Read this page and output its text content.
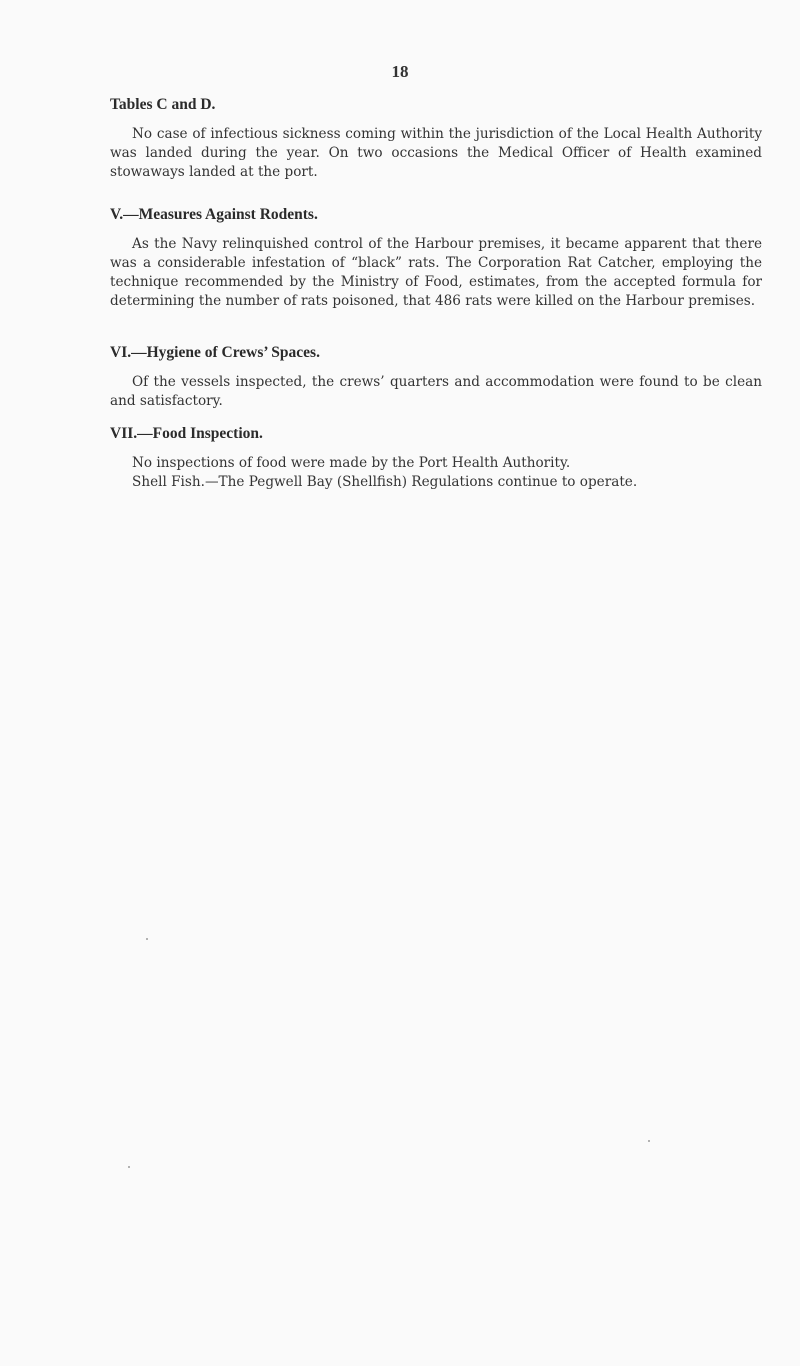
18
Tables C and D.

No case of infectious sickness coming within the jurisdiction of the Local Health Authority was landed during the year. On two occasions the Medical Officer of Health examined stowaways landed at the port.

V.—Measures Against Rodents.

As the Navy relinquished control of the Harbour premises, it became apparent that there was a considerable infestation of “black” rats. The Corporation Rat Catcher, employing the technique recommended by the Ministry of Food, estimates, from the accepted formula for determining the number of rats poisoned, that 486 rats were killed on the Harbour premises.

VI.—Hygiene of Crews’ Spaces.

Of the vessels inspected, the crews’ quarters and accommodation were found to be clean and satisfactory.

VII.—Food Inspection.

No inspections of food were made by the Port Health Authority.

Shell Fish.—The Pegwell Bay (Shellfish) Regulations continue to operate.
